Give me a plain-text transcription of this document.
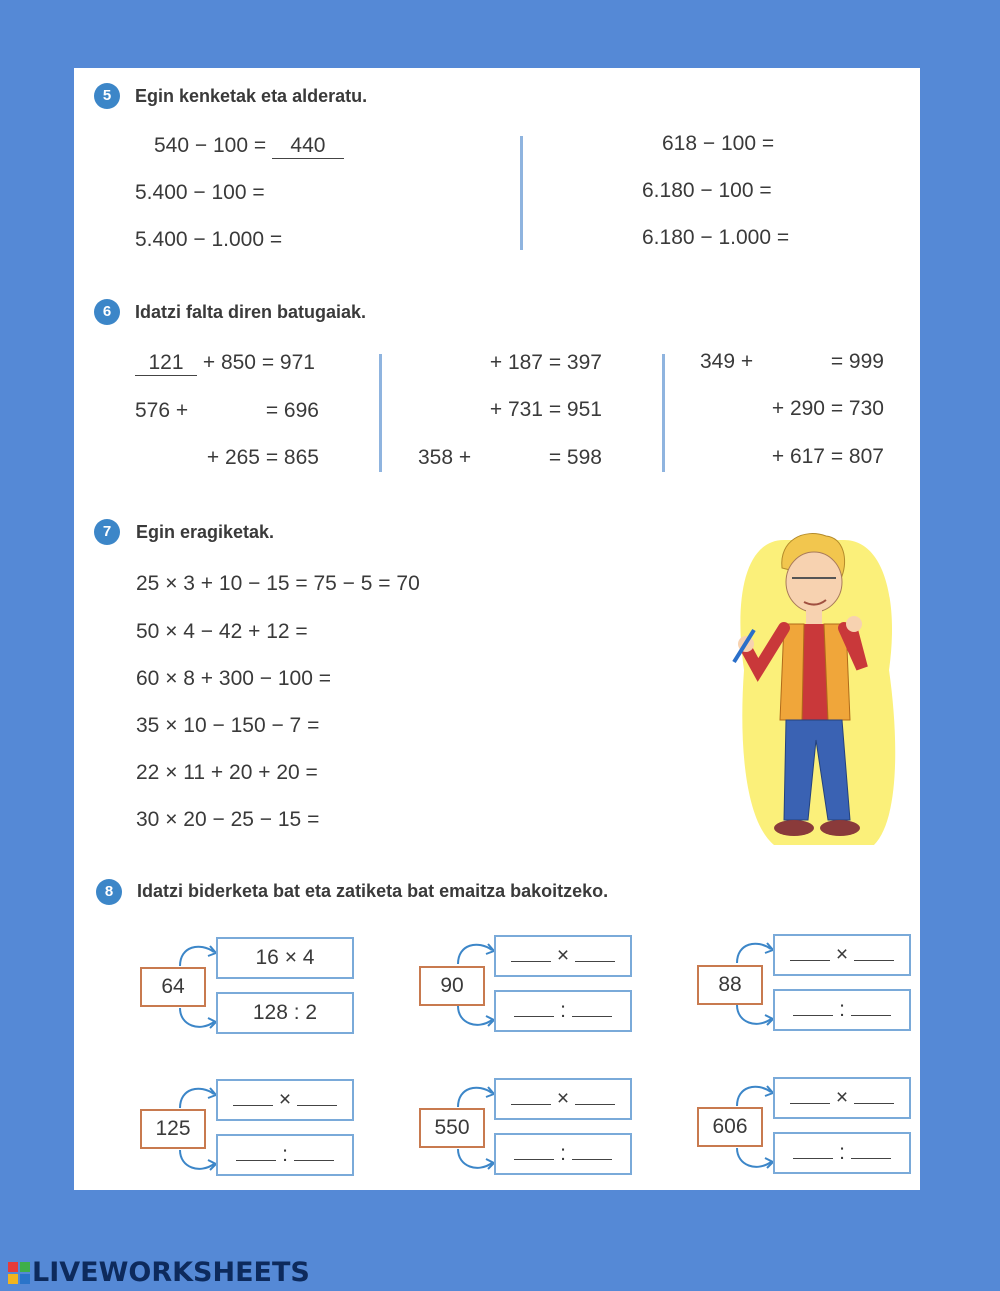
5	Egin kenketak eta alderatu.
540 − 100 = 440
5.400 − 100 =
5.400 − 1.000 =
618 − 100 =
6.180 − 100 =
6.180 − 1.000 =
6	Idatzi falta diren batugaiak.
121 + 850 = 971
576 +	= 696
+ 265 = 865
+ 187 = 397
+ 731 = 951
358 +	= 598
349 +	= 999
+ 290 = 730
+ 617 = 807
7	Egin eragiketak.
25 × 3 + 10 − 15 = 75 − 5 = 70
50 × 4 − 42 + 12 =
60 × 8 + 300 − 100 =
35 × 10 − 150 − 7 =
22 × 11 + 20 + 20 =
30 × 20 − 25 − 15 =
8	Idatzi biderketa bat eta zatiketa bat emaitza bakoitzeko.
64
16 × 4
128 : 2
90
×
:
88
×
:
125
×
:
550
×
:
606
×
:
LIVEWORKSHEETS
